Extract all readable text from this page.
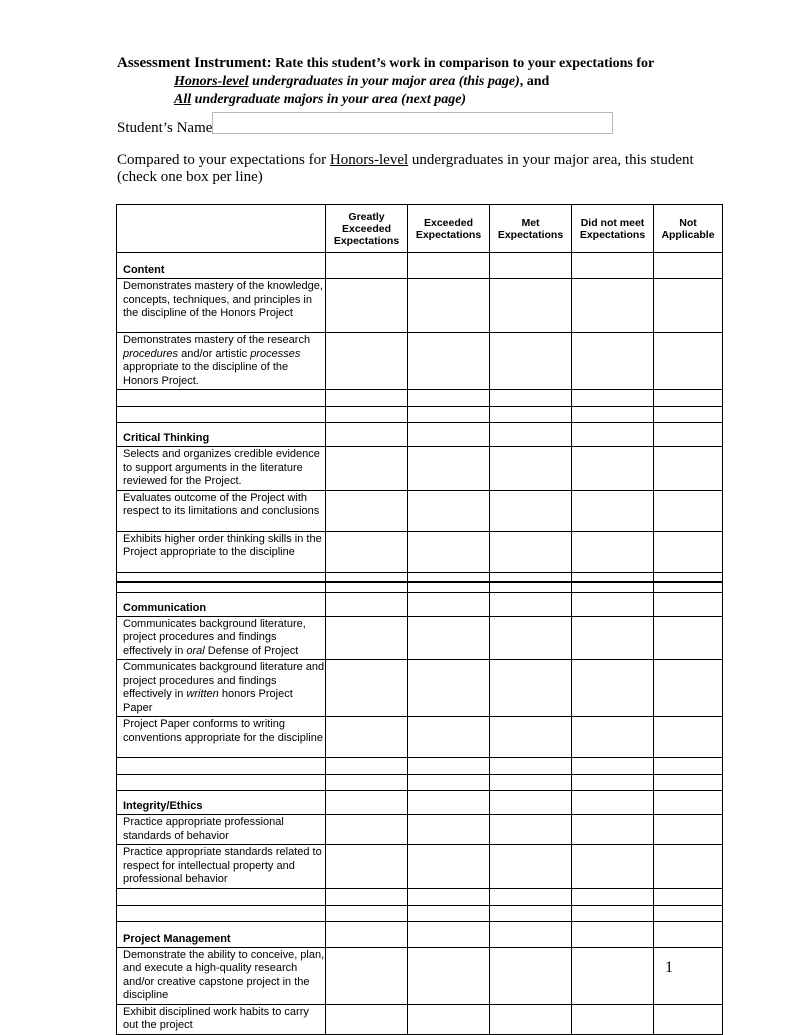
Assessment Instrument: Rate this student’s work in comparison to your expectations for
Honors-level undergraduates in your major area (this page), and
All undergraduate majors in your area (next page)
Student’s Name
Compared to your expectations for Honors-level undergraduates in your major area, this student (check one box per line)
	Greatly Exceeded Expectations	Exceeded Expectations	Met Expectations	Did not meet Expectations	Not Applicable
Content					
Demonstrates mastery of the knowledge, concepts, techniques, and principles in the discipline of the Honors Project					
Demonstrates mastery of the research procedures and/or artistic processes appropriate to the discipline of the Honors Project.					

Critical Thinking					
Selects and organizes credible evidence to support arguments in the literature reviewed for the Project.					
Evaluates outcome of the Project with respect to its limitations and conclusions					
Exhibits higher order thinking skills in the Project appropriate to the discipline					

Communication					
Communicates background literature, project procedures and findings effectively in oral Defense of Project					
Communicates background literature and project procedures and findings effectively in written honors Project Paper					
Project Paper conforms to writing conventions appropriate for the discipline					

Integrity/Ethics					
Practice appropriate professional standards of behavior					
Practice appropriate standards related to respect for intellectual property and professional behavior					

Project Management					
Demonstrate the ability to conceive, plan, and execute a high-quality research and/or creative capstone project in the discipline					
Exhibit disciplined work habits to carry out the project					
1
